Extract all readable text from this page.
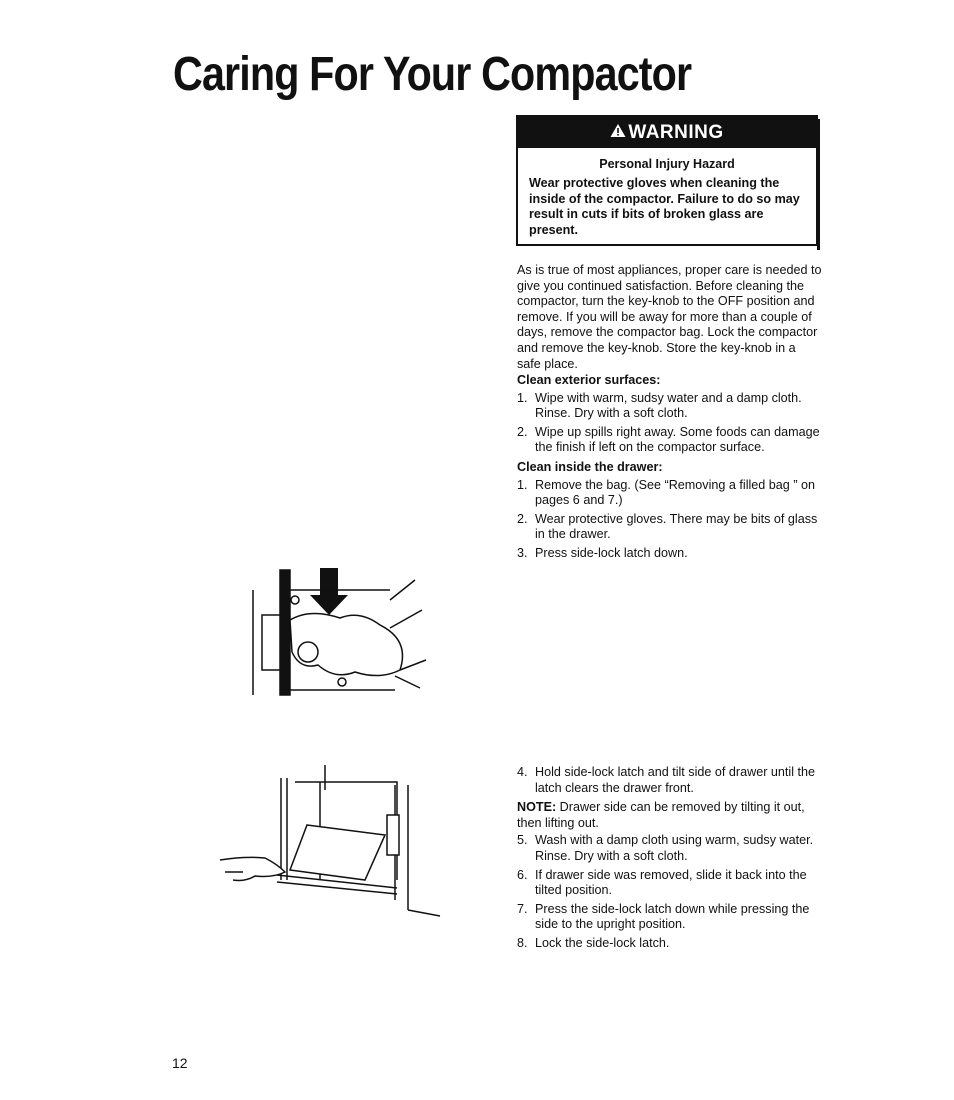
Caring For Your Compactor
WARNING
Personal Injury Hazard

Wear protective gloves when cleaning the inside of the compactor. Failure to do so may result in cuts if bits of broken glass are present.

As is true of most appliances, proper care is needed to give you continued satisfaction. Before cleaning the compactor, turn the key-knob to the OFF position and remove. If you will be away for more than a couple of days, remove the compactor bag. Lock the compactor and remove the key-knob. Store the key-knob in a safe place.

Clean exterior surfaces:
1. Wipe with warm, sudsy water and a damp cloth. Rinse. Dry with a soft cloth.
2. Wipe up spills right away. Some foods can damage the finish if left on the compactor surface.
Clean inside the drawer:
1. Remove the bag. (See “Removing a filled bag ” on pages 6 and 7.)
2. Wear protective gloves. There may be bits of glass in the drawer.
3. Press side-lock latch down.
4. Hold side-lock latch and tilt side of drawer until the latch clears the drawer front.

NOTE: Drawer side can be removed by tilting it out, then lifting out.

5. Wash with a damp cloth using warm, sudsy water. Rinse. Dry with a soft cloth.
6. If drawer side was removed, slide it back into the tilted position.
7. Press the side-lock latch down while pressing the side to the upright position.
8. Lock the side-lock latch.
12
